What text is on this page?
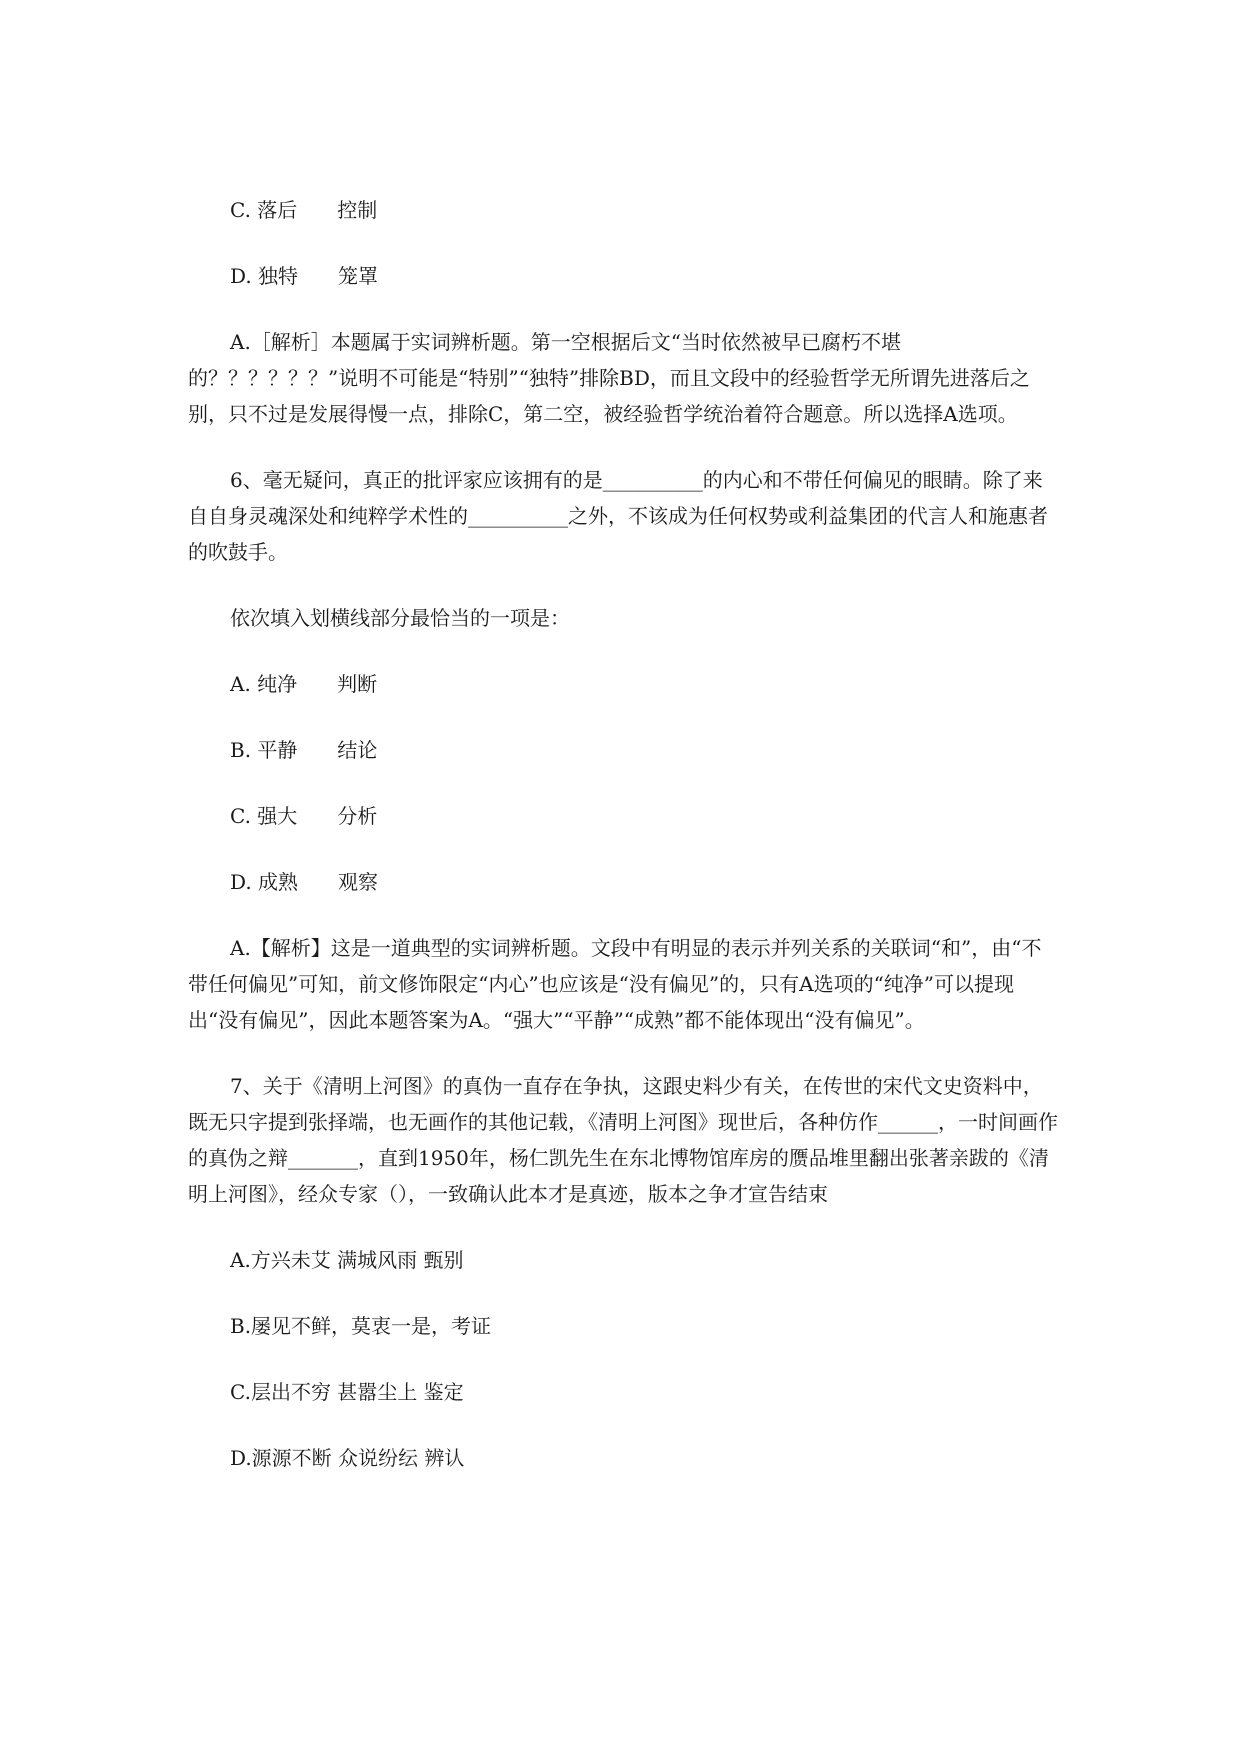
C. 落后　　控制

D. 独特　　笼罩

A.［解析］本题属于实词辨析题。第一空根据后文“当时依然被早已腐朽不堪的？？？？？？”说明不可能是“特别”“独特”排除BD，而且文段中的经验哲学无所谓先进落后之别，只不过是发展得慢一点，排除C，第二空，被经验哲学统治着符合题意。所以选择A选项。

6、毫无疑问，真正的批评家应该拥有的是__________的内心和不带任何偏见的眼睛。除了来自自身灵魂深处和纯粹学术性的__________之外，不该成为任何权势或利益集团的代言人和施惠者的吹鼓手。

依次填入划横线部分最恰当的一项是：

A. 纯净　　判断

B. 平静　　结论

C. 强大　　分析

D. 成熟　　观察

A.【解析】这是一道典型的实词辨析题。文段中有明显的表示并列关系的关联词“和”，由“不带任何偏见”可知，前文修饰限定“内心”也应该是“没有偏见”的，只有A选项的“纯净”可以提现出“没有偏见”，因此本题答案为A。“强大”“平静”“成熟”都不能体现出“没有偏见”。

7、关于《清明上河图》的真伪一直存在争执，这跟史料少有关，在传世的宋代文史资料中，既无只字提到张择端，也无画作的其他记载，《清明上河图》现世后，各种仿作______，一时间画作的真伪之辩_______，直到1950年，杨仁凯先生在东北博物馆库房的赝品堆里翻出张著亲跋的《清明上河图》，经众专家（），一致确认此本才是真迹，版本之争才宣告结束

A.方兴未艾 满城风雨 甄别

B.屡见不鲜，莫衷一是，考证

C.层出不穷 甚嚣尘上 鉴定

D.源源不断 众说纷纭 辨认
